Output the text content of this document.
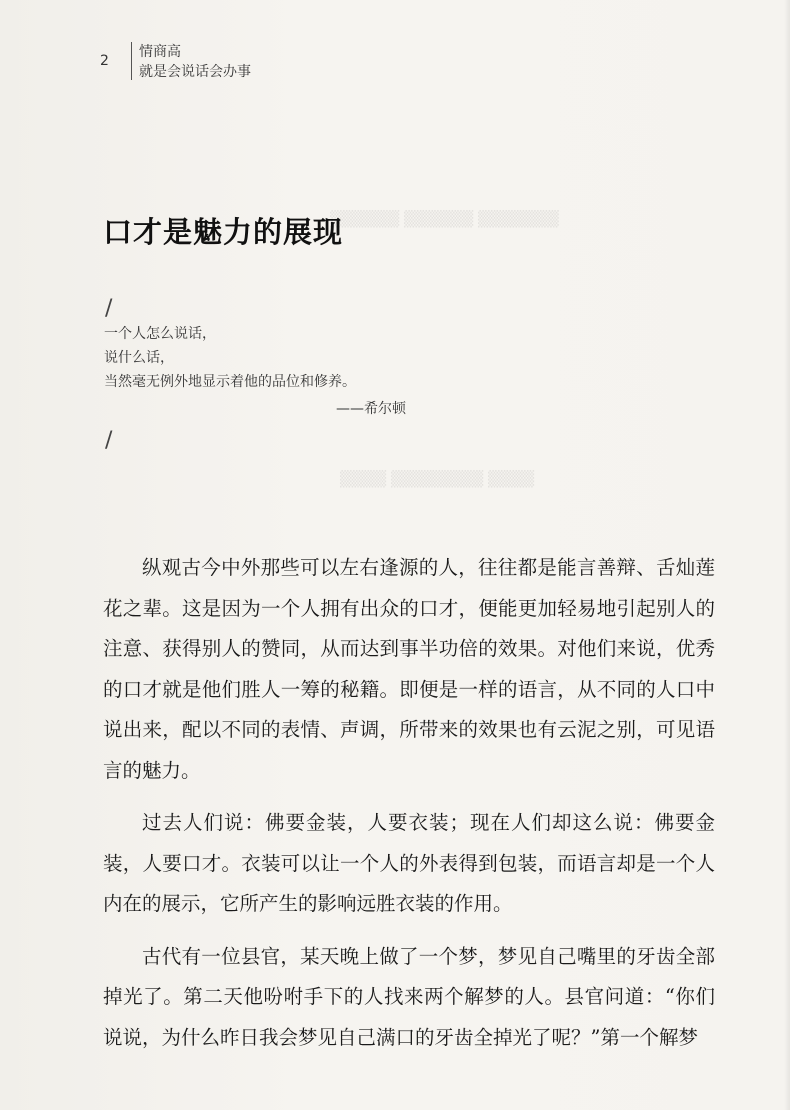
▒▒▒▒▒▒▒ ▒▒▒▒▒▒ ▒▒▒▒▒▒
▒▒▒▒ ▒▒▒▒▒▒▒▒ ▒▒▒▒
2
情商高
就是会说话会办事
口才是魅力的展现
/
一个人怎么说话，
说什么话，
当然毫无例外地显示着他的品位和修养。
——希尔顿
/

纵观古今中外那些可以左右逢源的人，往往都是能言善辩、舌灿莲花之辈。这是因为一个人拥有出众的口才，便能更加轻易地引起别人的注意、获得别人的赞同，从而达到事半功倍的效果。对他们来说，优秀的口才就是他们胜人一筹的秘籍。即便是一样的语言，从不同的人口中说出来，配以不同的表情、声调，所带来的效果也有云泥之别，可见语言的魅力。

过去人们说：佛要金装，人要衣装；现在人们却这么说：佛要金装，人要口才。衣装可以让一个人的外表得到包装，而语言却是一个人内在的展示，它所产生的影响远胜衣装的作用。

古代有一位县官，某天晚上做了一个梦，梦见自己嘴里的牙齿全部掉光了。第二天他吩咐手下的人找来两个解梦的人。县官问道：“你们说说，为什么昨日我会梦见自己满口的牙齿全掉光了呢？”第一个解梦
